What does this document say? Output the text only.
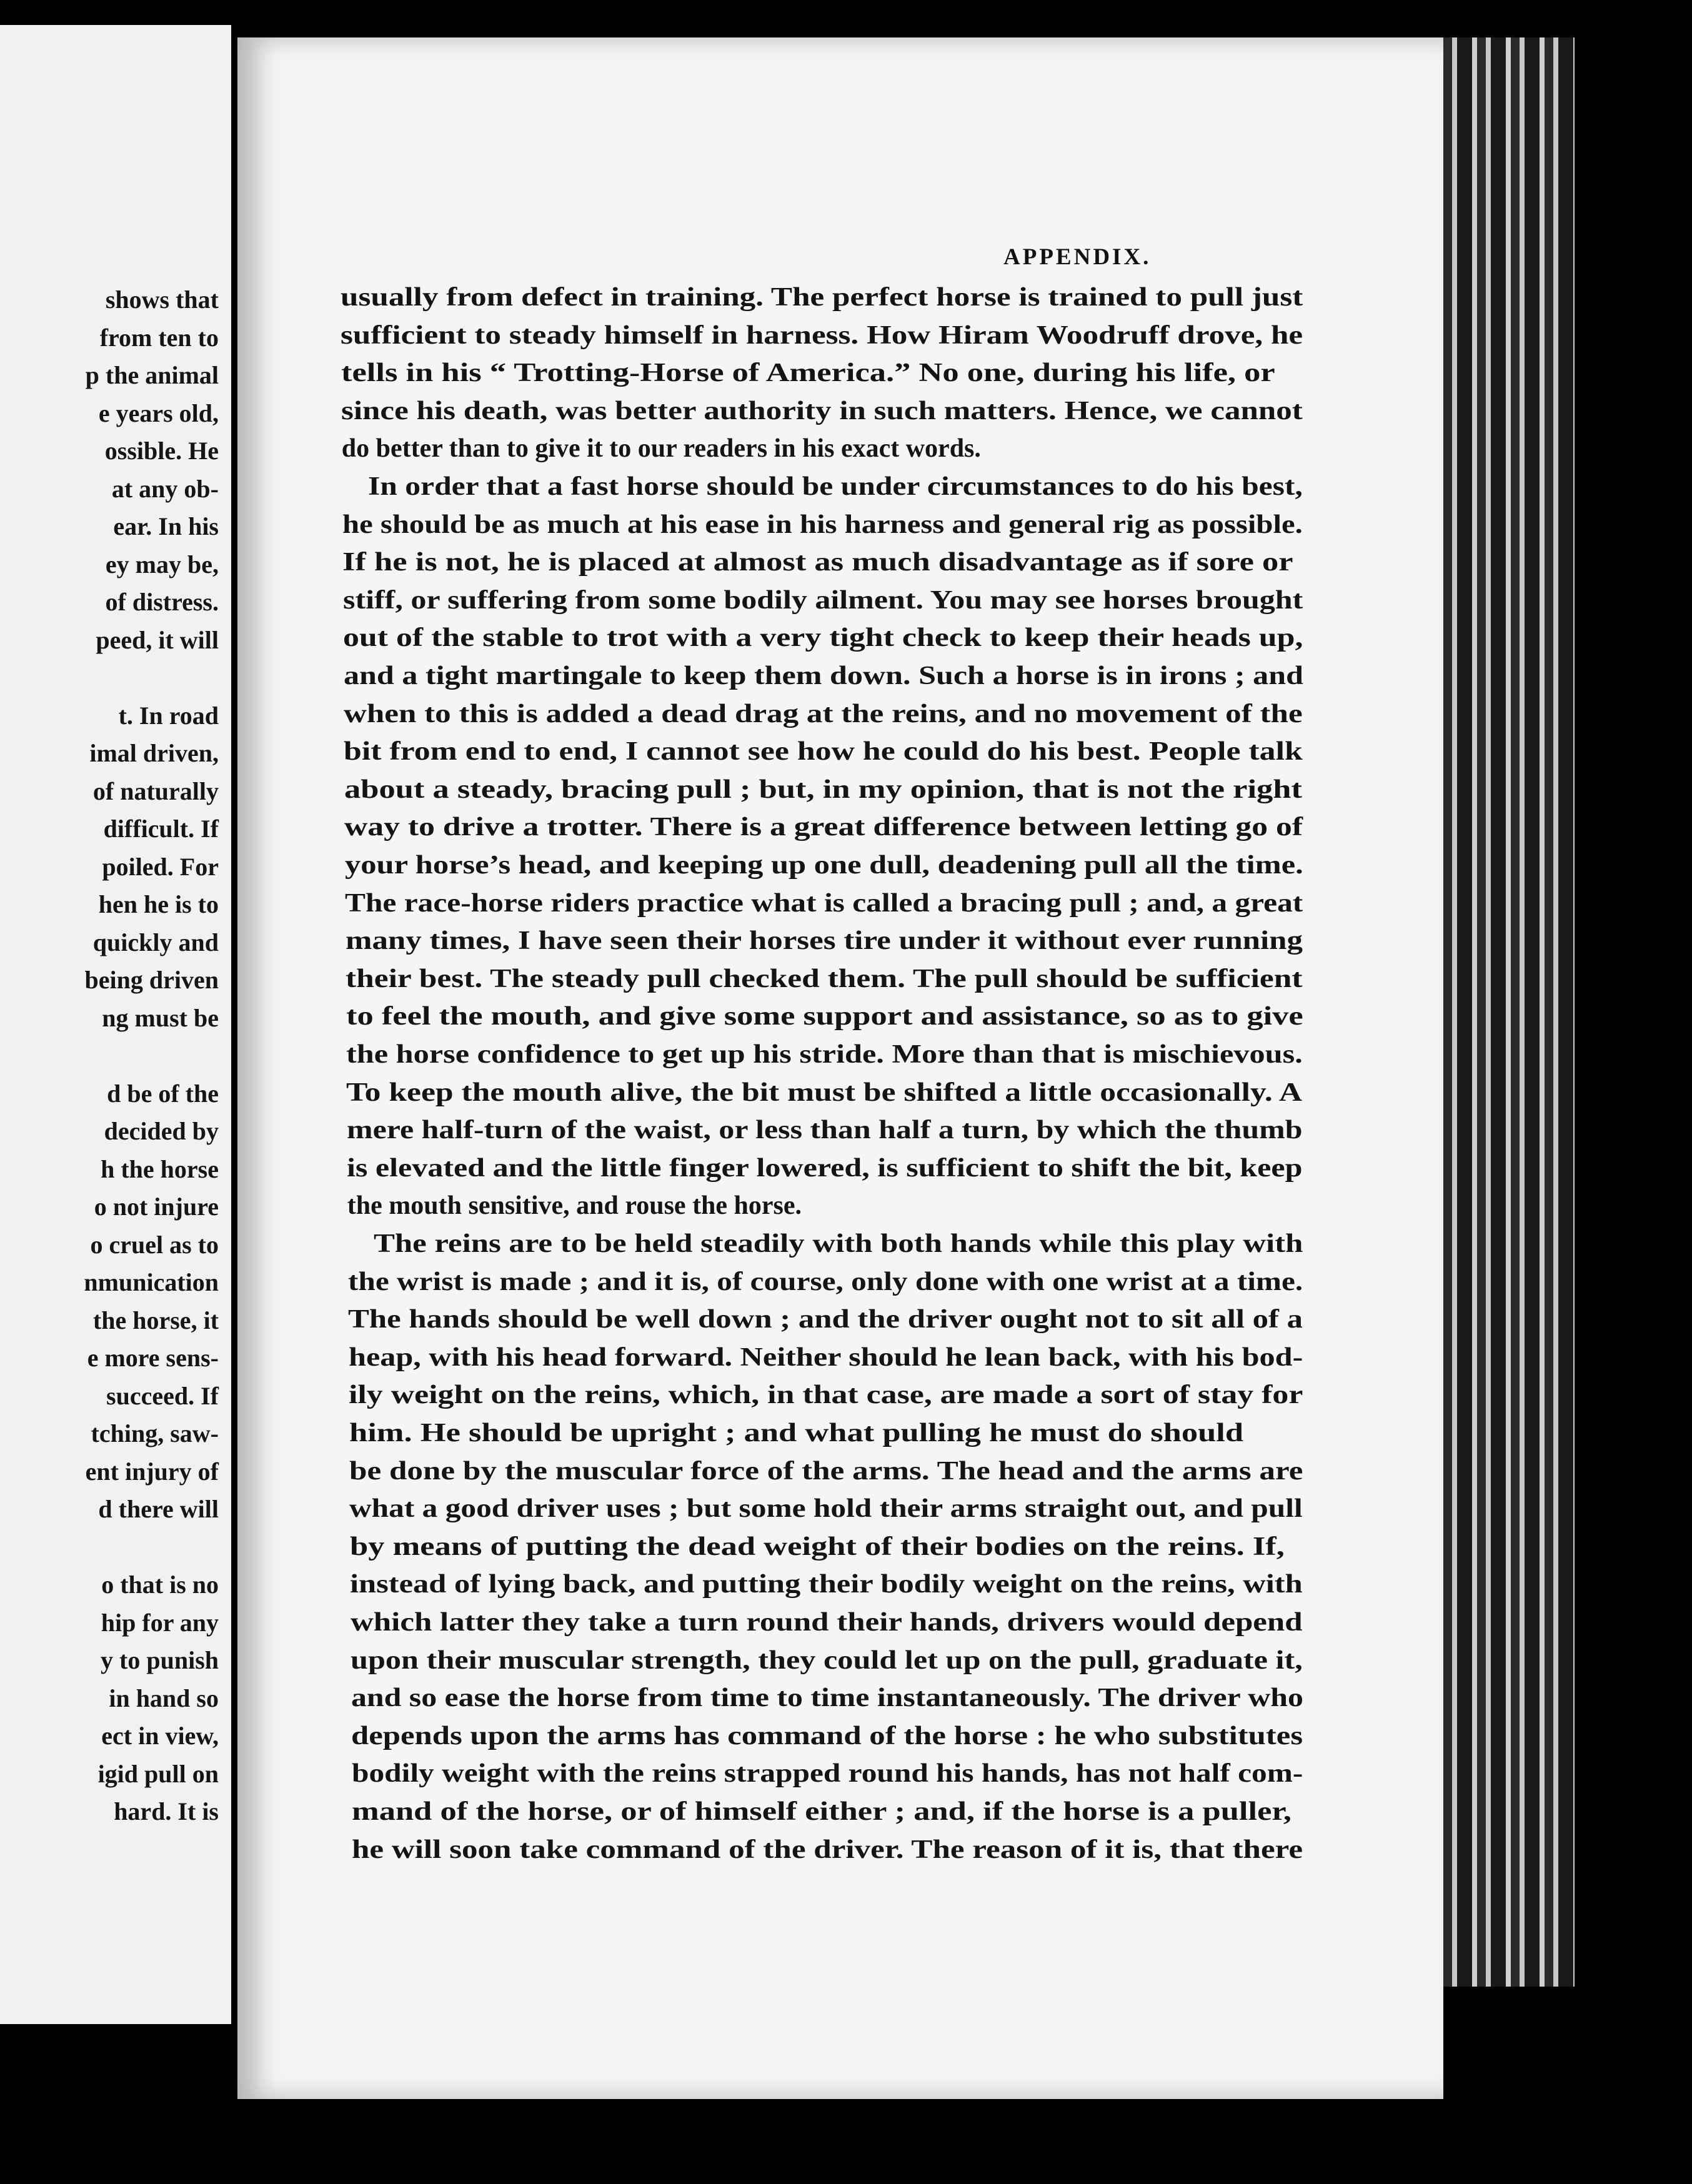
shows that
from ten to
p the animal
e years old,
ossible. He
at any ob-
ear. In his
ey may be,
of distress.
peed, it will
t. In road
imal driven,
of naturally
difficult. If
poiled. For
hen he is to
quickly and
being driven
ng must be
d be of the
decided by
h the horse
o not injure
o cruel as to
nmunication
the horse, it
e more sens-
succeed. If
tching, saw-
ent injury of
d there will
o that is no
hip for any
y to punish
in hand so
ect in view,
igid pull on
hard. It is
APPENDIX.
usually from defect in training. The perfect horse is trained to pull just
sufficient to steady himself in harness. How Hiram Woodruff drove, he
tells in his “ Trotting-Horse of America.” No one, during his life, or
since his death, was better authority in such matters. Hence, we cannot
do better than to give it to our readers in his exact words.
In order that a fast horse should be under circumstances to do his best,
he should be as much at his ease in his harness and general rig as possible.
If he is not, he is placed at almost as much disadvantage as if sore or
stiff, or suffering from some bodily ailment. You may see horses brought
out of the stable to trot with a very tight check to keep their heads up,
and a tight martingale to keep them down. Such a horse is in irons ; and
when to this is added a dead drag at the reins, and no movement of the
bit from end to end, I cannot see how he could do his best. People talk
about a steady, bracing pull ; but, in my opinion, that is not the right
way to drive a trotter. There is a great difference between letting go of
your horse’s head, and keeping up one dull, deadening pull all the time.
The race-horse riders practice what is called a bracing pull ; and, a great
many times, I have seen their horses tire under it without ever running
their best. The steady pull checked them. The pull should be sufficient
to feel the mouth, and give some support and assistance, so as to give
the horse confidence to get up his stride. More than that is mischievous.
To keep the mouth alive, the bit must be shifted a little occasionally. A
mere half-turn of the waist, or less than half a turn, by which the thumb
is elevated and the little finger lowered, is sufficient to shift the bit, keep
the mouth sensitive, and rouse the horse.
The reins are to be held steadily with both hands while this play with
the wrist is made ; and it is, of course, only done with one wrist at a time.
The hands should be well down ; and the driver ought not to sit all of a
heap, with his head forward. Neither should he lean back, with his bod-
ily weight on the reins, which, in that case, are made a sort of stay for
him. He should be upright ; and what pulling he must do should
be done by the muscular force of the arms. The head and the arms are
what a good driver uses ; but some hold their arms straight out, and pull
by means of putting the dead weight of their bodies on the reins. If,
instead of lying back, and putting their bodily weight on the reins, with
which latter they take a turn round their hands, drivers would depend
upon their muscular strength, they could let up on the pull, graduate it,
and so ease the horse from time to time instantaneously. The driver who
depends upon the arms has command of the horse : he who substitutes
bodily weight with the reins strapped round his hands, has not half com-
mand of the horse, or of himself either ; and, if the horse is a puller,
he will soon take command of the driver. The reason of it is, that there
